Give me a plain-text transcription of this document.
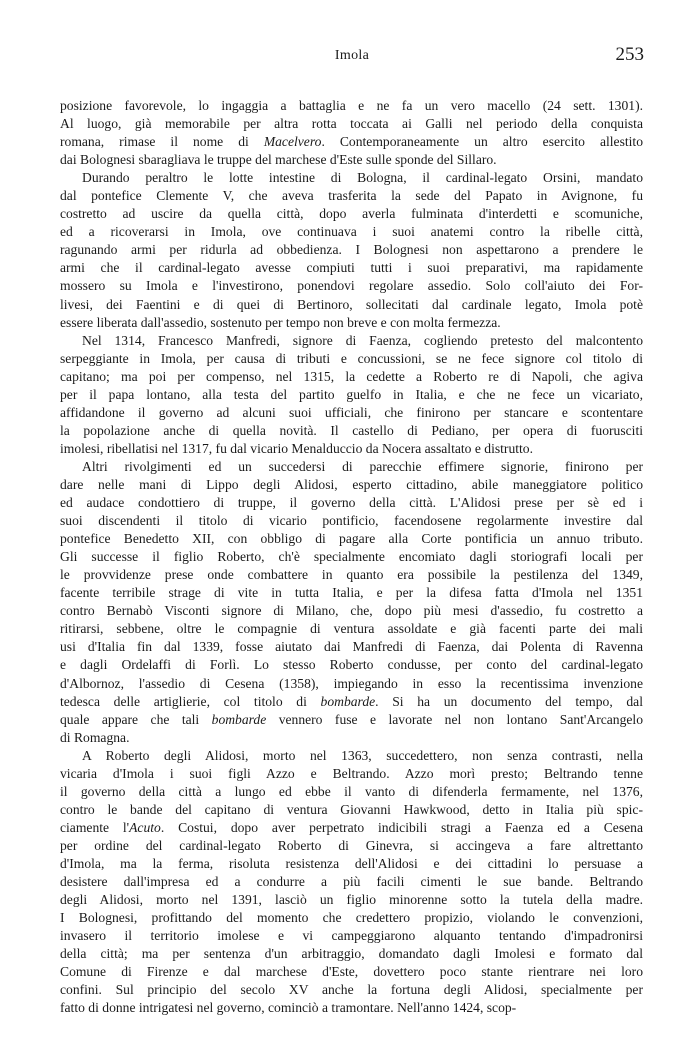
Imola	253
posizione favorevole, lo ingaggia a battaglia e ne fa un vero macello (24 sett. 1301).
Al luogo, già memorabile per altra rotta toccata ai Galli nel periodo della conquista
romana, rimase il nome di Macelvero. Contemporaneamente un altro esercito allestito
dai Bolognesi sbaragliava le truppe del marchese d'Este sulle sponde del Sillaro.
Durando peraltro le lotte intestine di Bologna, il cardinal-legato Orsini, mandato
dal pontefice Clemente V, che aveva trasferita la sede del Papato in Avignone, fu
costretto ad uscire da quella città, dopo averla fulminata d'interdetti e scomuniche,
ed a ricoverarsi in Imola, ove continuava i suoi anatemi contro la ribelle città,
ragunando armi per ridurla ad obbedienza. I Bolognesi non aspettarono a prendere le
armi che il cardinal-legato avesse compiuti tutti i suoi preparativi, ma rapidamente
mossero su Imola e l'investirono, ponendovi regolare assedio. Solo coll'aiuto dei For-
livesi, dei Faentini e di quei di Bertinoro, sollecitati dal cardinale legato, Imola potè
essere liberata dall'assedio, sostenuto per tempo non breve e con molta fermezza.
Nel 1314, Francesco Manfredi, signore di Faenza, cogliendo pretesto del malcontento
serpeggiante in Imola, per causa di tributi e concussioni, se ne fece signore col titolo di
capitano; ma poi per compenso, nel 1315, la cedette a Roberto re di Napoli, che agiva
per il papa lontano, alla testa del partito guelfo in Italia, e che ne fece un vicariato,
affidandone il governo ad alcuni suoi ufficiali, che finirono per stancare e scontentare
la popolazione anche di quella novità. Il castello di Pediano, per opera di fuorusciti
imolesi, ribellatisi nel 1317, fu dal vicario Menalduccio da Nocera assaltato e distrutto.
Altri rivolgimenti ed un succedersi di parecchie effimere signorie, finirono per
dare nelle mani di Lippo degli Alidosi, esperto cittadino, abile maneggiatore politico
ed audace condottiero di truppe, il governo della città. L'Alidosi prese per sè ed i
suoi discendenti il titolo di vicario pontificio, facendosene regolarmente investire dal
pontefice Benedetto XII, con obbligo di pagare alla Corte pontificia un annuo tributo.
Gli successe il figlio Roberto, ch'è specialmente encomiato dagli storiografi locali per
le provvidenze prese onde combattere in quanto era possibile la pestilenza del 1349,
facente terribile strage di vite in tutta Italia, e per la difesa fatta d'Imola nel 1351
contro Bernabò Visconti signore di Milano, che, dopo più mesi d'assedio, fu costretto a
ritirarsi, sebbene, oltre le compagnie di ventura assoldate e già facenti parte dei mali
usi d'Italia fin dal 1339, fosse aiutato dai Manfredi di Faenza, dai Polenta di Ravenna
e dagli Ordelaffi di Forlì. Lo stesso Roberto condusse, per conto del cardinal-legato
d'Albornoz, l'assedio di Cesena (1358), impiegando in esso la recentissima invenzione
tedesca delle artiglierie, col titolo di bombarde. Si ha un documento del tempo, dal
quale appare che tali bombarde vennero fuse e lavorate nel non lontano Sant'Arcangelo
di Romagna.
A Roberto degli Alidosi, morto nel 1363, succedettero, non senza contrasti, nella
vicaria d'Imola i suoi figli Azzo e Beltrando. Azzo morì presto; Beltrando tenne
il governo della città a lungo ed ebbe il vanto di difenderla fermamente, nel 1376,
contro le bande del capitano di ventura Giovanni Hawkwood, detto in Italia più spic-
ciamente l'Acuto. Costui, dopo aver perpetrato indicibili stragi a Faenza ed a Cesena
per ordine del cardinal-legato Roberto di Ginevra, si accingeva a fare altrettanto
d'Imola, ma la ferma, risoluta resistenza dell'Alidosi e dei cittadini lo persuase a
desistere dall'impresa ed a condurre a più facili cimenti le sue bande. Beltrando
degli Alidosi, morto nel 1391, lasciò un figlio minorenne sotto la tutela della madre.
I Bolognesi, profittando del momento che credettero propizio, violando le convenzioni,
invasero il territorio imolese e vi campeggiarono alquanto tentando d'impadronirsi
della città; ma per sentenza d'un arbitraggio, domandato dagli Imolesi e formato dal
Comune di Firenze e dal marchese d'Este, dovettero poco stante rientrare nei loro
confini. Sul principio del secolo XV anche la fortuna degli Alidosi, specialmente per
fatto di donne intrigatesi nel governo, cominciò a tramontare. Nell'anno 1424, scop-
